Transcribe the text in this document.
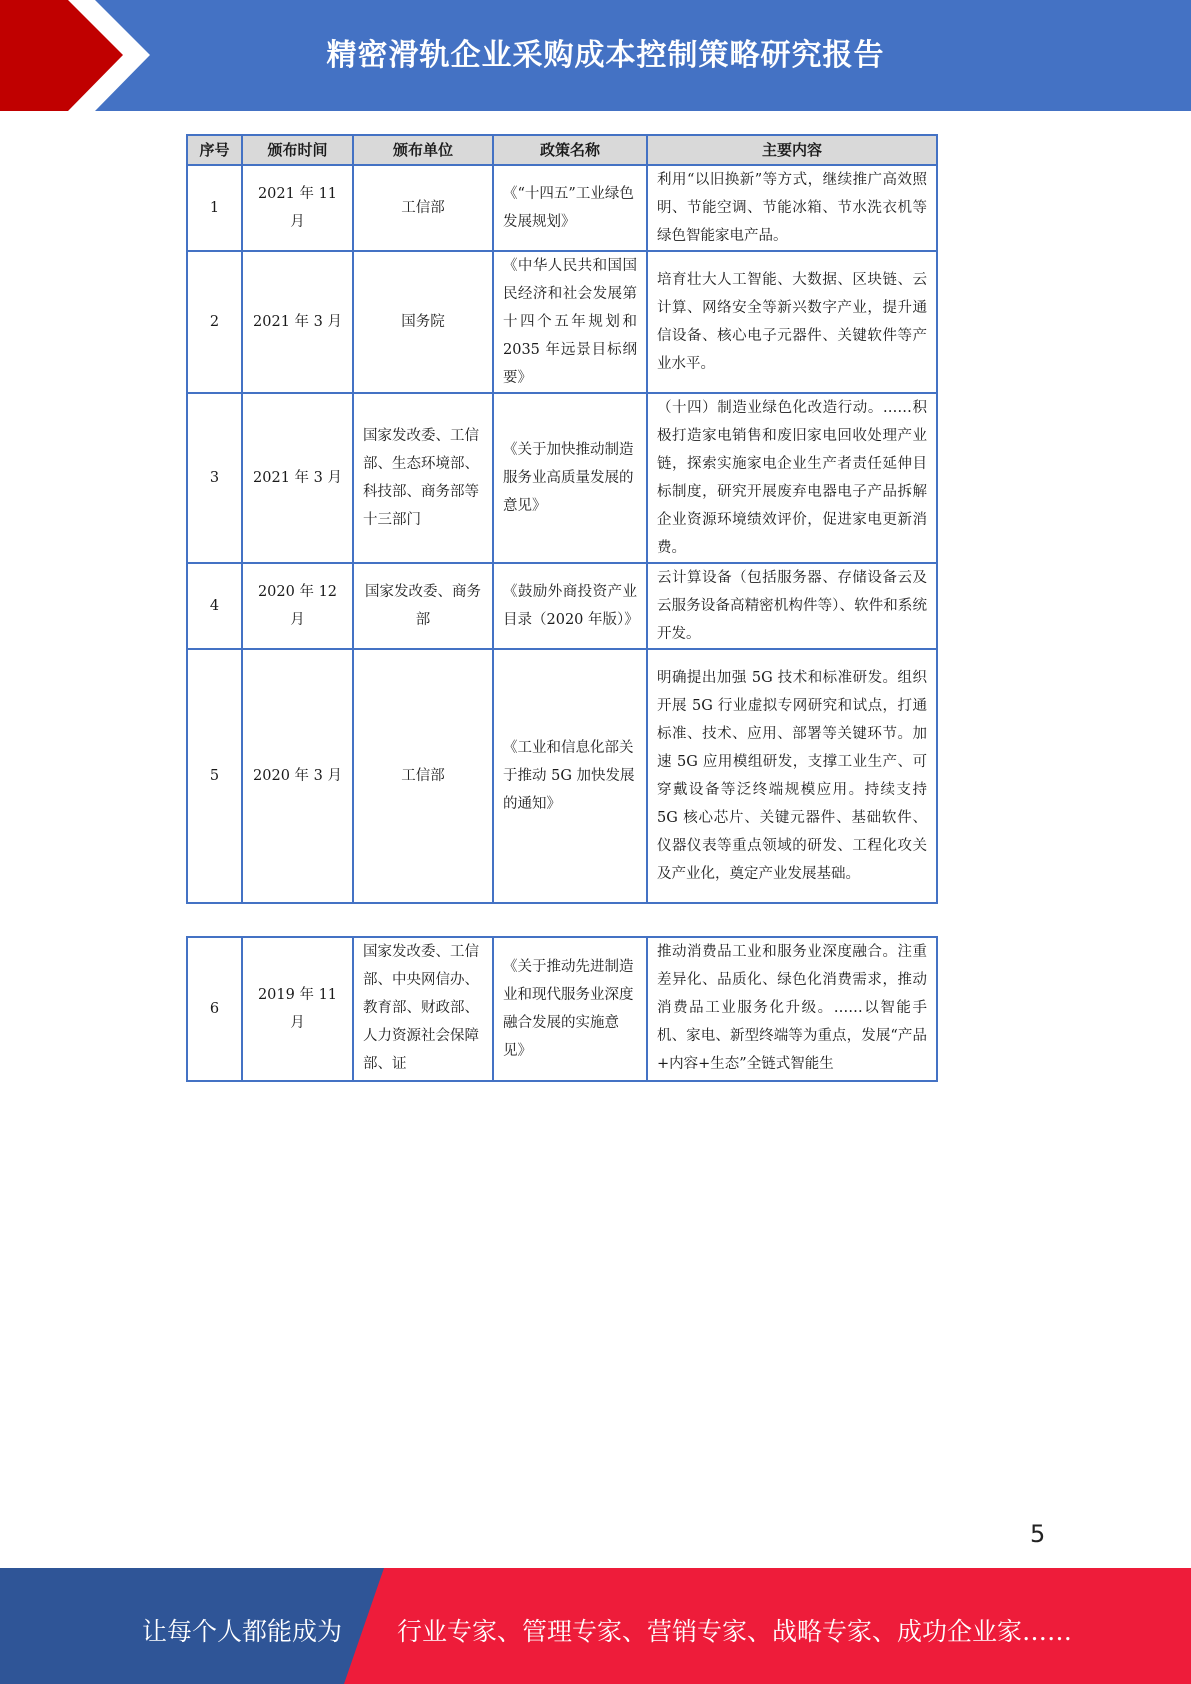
精密滑轨企业采购成本控制策略研究报告
序号	颁布时间	颁布单位	政策名称	主要内容
1	2021 年 11 月	工信部	《“十四五”工业绿色发展规划》	利用“以旧换新”等方式，继续推广高效照明、节能空调、节能冰箱、节水洗衣机等绿色智能家电产品。
2	2021 年 3 月	国务院	《中华人民共和国国民经济和社会发展第十四个五年规划和 2035 年远景目标纲要》	培育壮大人工智能、大数据、区块链、云计算、网络安全等新兴数字产业，提升通信设备、核心电子元器件、关键软件等产业水平。
3	2021 年 3 月	国家发改委、工信部、生态环境部、科技部、商务部等十三部门	《关于加快推动制造服务业高质量发展的意见》	（十四）制造业绿色化改造行动。……积极打造家电销售和废旧家电回收处理产业链，探索实施家电企业生产者责任延伸目标制度，研究开展废弃电器电子产品拆解企业资源环境绩效评价，促进家电更新消费。
4	2020 年 12 月	国家发改委、商务部	《鼓励外商投资产业目录（2020 年版）》	云计算设备（包括服务器、存储设备云及云服务设备高精密机构件等）、软件和系统开发。
5	2020 年 3 月	工信部	《工业和信息化部关于推动 5G 加快发展的通知》	明确提出加强 5G 技术和标准研发。组织开展 5G 行业虚拟专网研究和试点，打通标准、技术、应用、部署等关键环节。加速 5G 应用模组研发，支撑工业生产、可穿戴设备等泛终端规模应用。持续支持 5G 核心芯片、关键元器件、基础软件、仪器仪表等重点领域的研发、工程化攻关及产业化，奠定产业发展基础。
6	2019 年 11 月	国家发改委、工信部、中央网信办、教育部、财政部、人力资源社会保障部、证	《关于推动先进制造业和现代服务业深度融合发展的实施意见》	推动消费品工业和服务业深度融合。注重差异化、品质化、绿色化消费需求，推动消费品工业服务化升级。……以智能手机、家电、新型终端等为重点，发展“产品+内容+生态”全链式智能生
5
让每个人都能成为 行业专家、管理专家、营销专家、战略专家、成功企业家……
